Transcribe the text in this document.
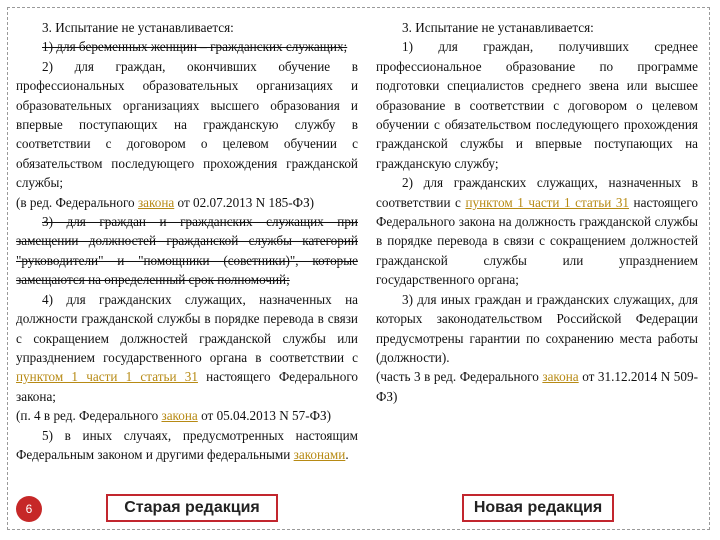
3. Испытание не устанавливается:

1) для беременных женщин – гражданских служащих;

2) для граждан, окончивших обучение в профессиональных образовательных организациях и образовательных организациях высшего образования и впервые поступающих на гражданскую службу в соответствии с договором о целевом обучении с обязательством последующего прохождения гражданской службы;

(в ред. Федерального закона от 02.07.2013 N 185-ФЗ)

3) для граждан и гражданских служащих при замещении должностей гражданской службы категорий "руководители" и "помощники (советники)", которые замещаются на определенный срок полномочий;

4) для гражданских служащих, назначенных на должности гражданской службы в порядке перевода в связи с сокращением должностей гражданской службы или упразднением государственного органа в соответствии с пунктом 1 части 1 статьи 31 настоящего Федерального закона;

(п. 4 в ред. Федерального закона от 05.04.2013 N 57-ФЗ)

5) в иных случаях, предусмотренных настоящим Федеральным законом и другими федеральными законами.

3. Испытание не устанавливается:

1) для граждан, получивших среднее профессиональное образование по программе подготовки специалистов среднего звена или высшее образование в соответствии с договором о целевом обучении с обязательством последующего прохождения гражданской службы и впервые поступающих на гражданскую службу;

2) для гражданских служащих, назначенных в соответствии с пунктом 1 части 1 статьи 31 настоящего Федерального закона на должность гражданской службы в порядке перевода в связи с сокращением должностей гражданской службы или упразднением государственного органа;

3) для иных граждан и гражданских служащих, для которых законодательством Российской Федерации предусмотрены гарантии по сохранению места работы (должности).

(часть 3 в ред. Федерального закона от 31.12.2014 N 509-ФЗ)

6	Старая редакция	Новая редакция
